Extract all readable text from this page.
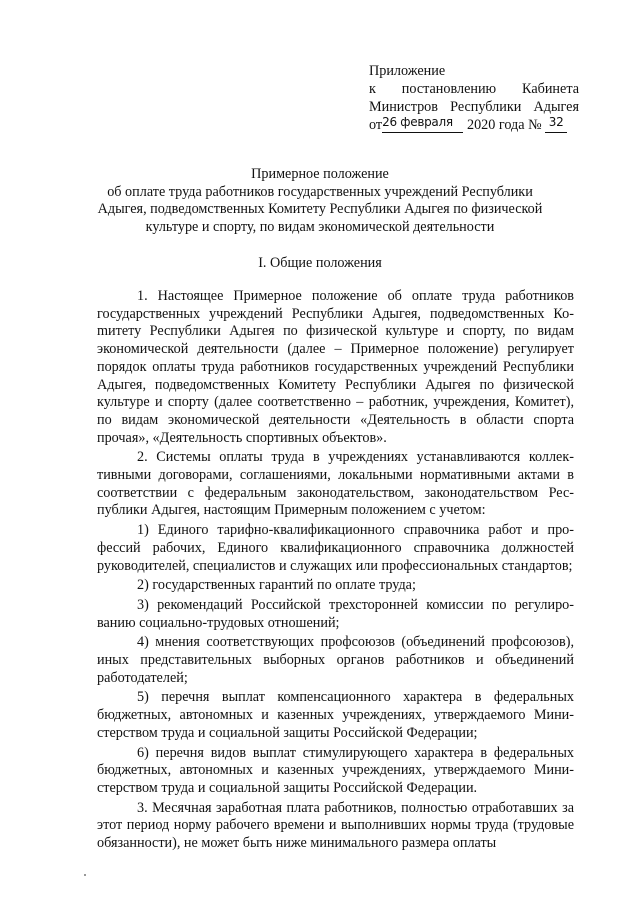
Приложение
к постановлению Кабинета
Министров Республики Адыгея
$от^{26 февраля}$ 2020 года № $^{32}$
Примерное положение
об оплате труда работников государственных учреждений Республики
Адыгея, подведомственных Комитету Республики Адыгея по физической
культуре и спорту, по видам экономической деятельности
I. Общие положения

1. Настоящее Примерное положение об оплате труда работников государственных учреждений Республики Адыгея, подведомственных Коmитету Республики Адыгея по физической культуре и спорту, по видам экономической деятельности (далее – Примерное положение) регулирует порядок оплаты труда работников государственных учреждений Республики Адыгея, подведомственных Комитету Республики Адыгея по физической культуре и спорту (далее соответственно – работник, учреждения, Комитет), по видам экономической деятельности «Деятельность в области спорта прочая», «Деятельность спортивных объектов».

2. Системы оплаты труда в учреждениях устанавливаются коллективными договорами, соглашениями, локальными нормативными актами в соответствии с федеральным законодательством, законодательством Республики Адыгея, настоящим Примерным положением с учетом:

1) Единого тарифно-квалификационного справочника работ и профессий рабочих, Единого квалификационного справочника должностей руководителей, специалистов и служащих или профессиональных стандартов;

2) государственных гарантий по оплате труда;

3) рекомендаций Российской трехсторонней комиссии по регулированию социально-трудовых отношений;

4) мнения соответствующих профсоюзов (объединений профсоюзов), иных представительных выборных органов работников и объединений работодателей;

5) перечня выплат компенсационного характера в федеральных бюджетных, автономных и казенных учреждениях, утверждаемого Министерством труда и социальной защиты Российской Федерации;

6) перечня видов выплат стимулирующего характера в федеральных бюджетных, автономных и казенных учреждениях, утверждаемого Министерством труда и социальной защиты Российской Федерации.

3. Месячная заработная плата работников, полностью отработавших за этот период норму рабочего времени и выполнивших нормы труда (трудовые обязанности), не может быть ниже минимального размера оплаты
